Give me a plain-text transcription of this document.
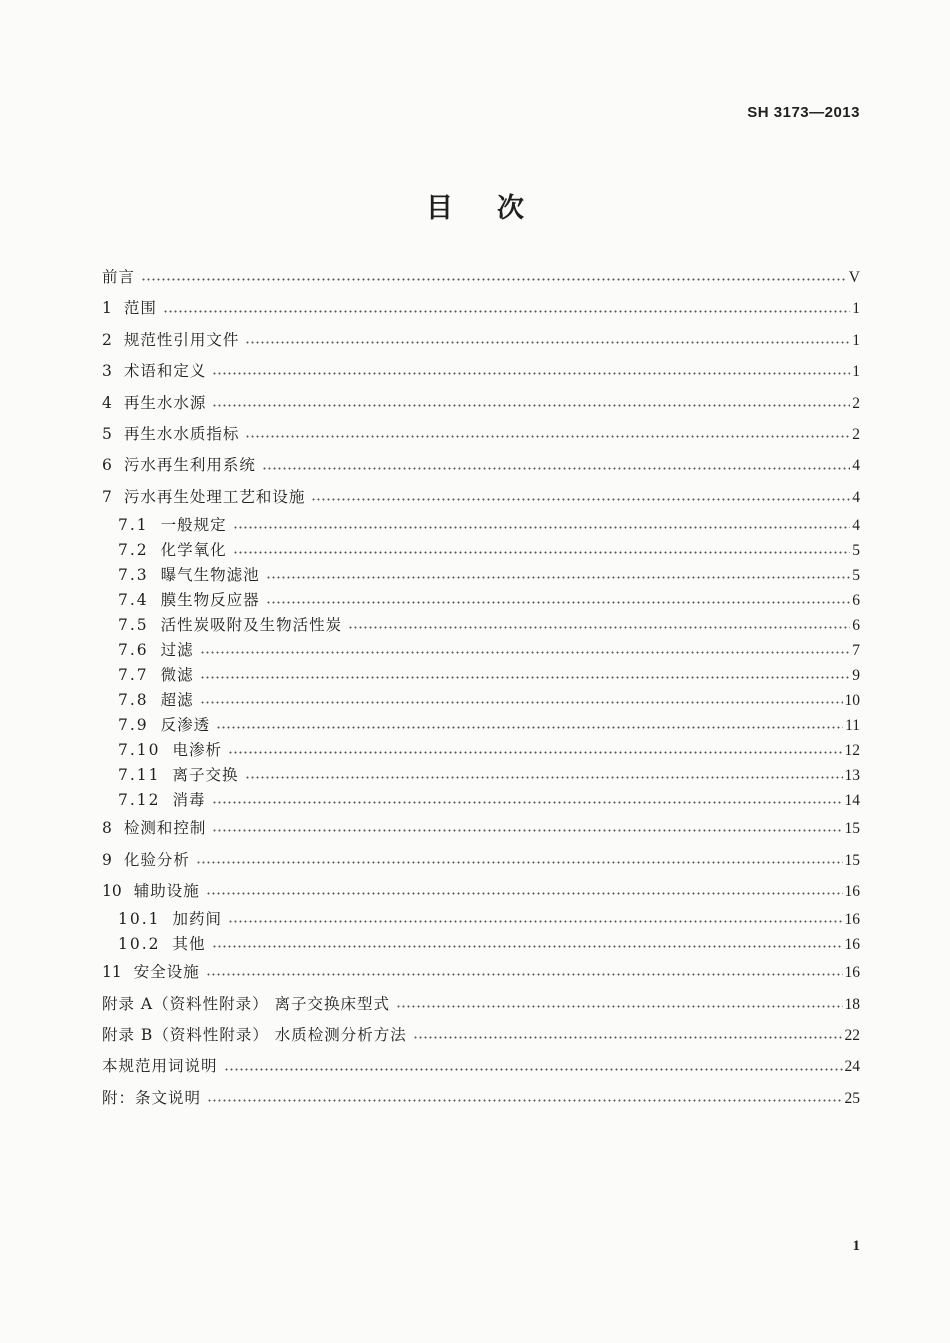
SH 3173—2013
目次
前言	V
1 范围	1
2 规范性引用文件	1
3 术语和定义	1
4 再生水水源	2
5 再生水水质指标	2
6 污水再生利用系统	4
7 污水再生处理工艺和设施	4
7.1 一般规定	4
7.2 化学氧化	5
7.3 曝气生物滤池	5
7.4 膜生物反应器	6
7.5 活性炭吸附及生物活性炭	6
7.6 过滤	7
7.7 微滤	9
7.8 超滤	10
7.9 反渗透	11
7.10 电渗析	12
7.11 离子交换	13
7.12 消毒	14
8 检测和控制	15
9 化验分析	15
10 辅助设施	16
10.1 加药间	16
10.2 其他	16
11 安全设施	16
附录 A（资料性附录） 离子交换床型式	18
附录 B（资料性附录） 水质检测分析方法	22
本规范用词说明	24
附：条文说明	25
1
